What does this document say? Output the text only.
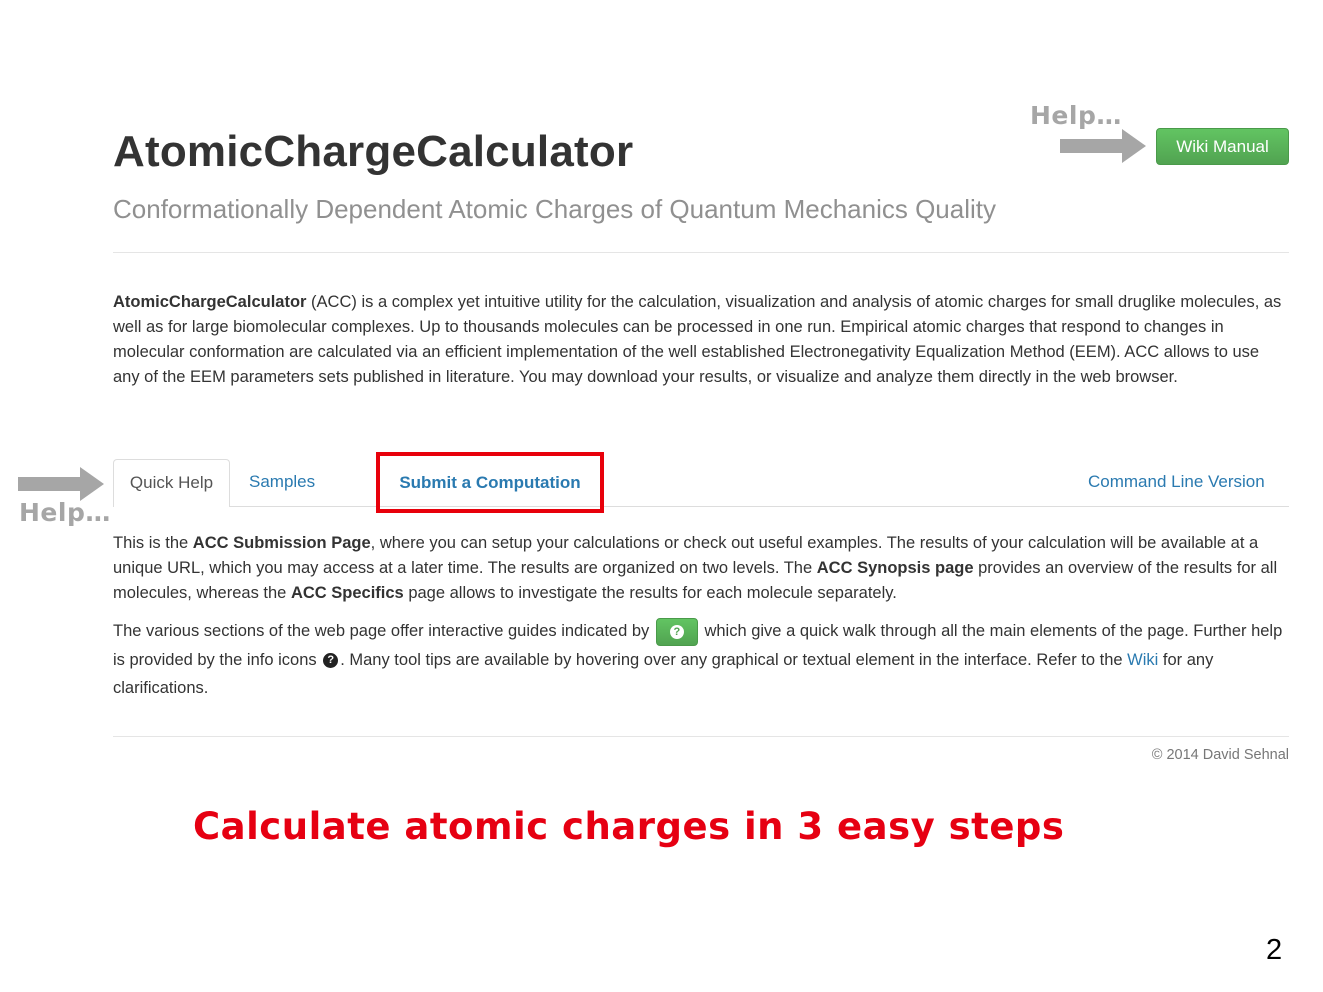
Help…
AtomicChargeCalculator	Wiki Manual

Conformationally Dependent Atomic Charges of Quantum Mechanics Quality

AtomicChargeCalculator (ACC) is a complex yet intuitive utility for the calculation, visualization and analysis of atomic charges for small druglike molecules, as well as for large biomolecular complexes. Up to thousands molecules can be processed in one run. Empirical atomic charges that respond to changes in molecular conformation are calculated via an efficient implementation of the well established Electronegativity Equalization Method (EEM). ACC allows to use any of the EEM parameters sets published in literature. You may download your results, or visualize and analyze them directly in the web browser.

Help…
Quick Help	Samples	Submit a Computation	Command Line Version

This is the ACC Submission Page, where you can setup your calculations or check out useful examples. The results of your calculation will be available at a unique URL, which you may access at a later time. The results are organized on two levels. The ACC Synopsis page provides an overview of the results for all molecules, whereas the ACC Specifics page allows to investigate the results for each molecule separately.

The various sections of the web page offer interactive guides indicated by	? which give a quick walk through all the main elements of the page. Further help is provided by the info icons ? . Many tool tips are available by hovering over any graphical or textual element in the interface. Refer to the Wiki for any clarifications.

© 2014 David Sehnal
Calculate atomic charges in 3 easy steps
2
